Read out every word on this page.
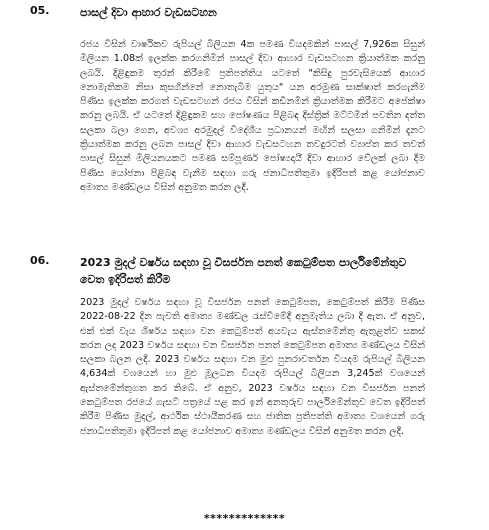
05.	පාසල් දිවා ආහාර වැඩසටහන

රජය විසින් වාර්ෂිකව රුපියල් බිලියන 4ක පමණ වියදමකින් පාසල් 7,926ක සිසුන් මිලියන 1.08ක් ඉලක්ක කරගනිමින් පාසල් දිවා ආහාර වැඩසටහන ක්‍රියාත්මක කරනු ලබයි. දිළිඳුකම තුරන් කිරීමේ ප්‍රතිපත්තිය යටතේ "කිසිදු පුරවැසියෙක් ආහාර නොමැතිකම නිසා කුසගින්නේ නොතැබීම යුතුය" යන අරමුණ සාක්ෂාත් කරගැනීම පිණිස ඉලක්ක කරගත් වැඩසටහන් රජය විසින් කඩිනමින් ක්‍රියාත්මක කිරීමට අපේක්ෂා කරනු ලබයි. ඒ යටතේ දිළිඳුකම සහ පෝෂණය පිළිබඳ දිස්ත්‍රික් මට්ටමින් පවතින දත්ත සලකා බලා ගෙන, අවශ්‍ය අරමුදල් විදේශීය ප්‍රධානයන් මඟින් සලසා ගනිමින් දැනට ක්‍රියාත්මක කරනු ලබන පාසල් දිවා ආහාර වැඩසටහන තවදුරටත් ව්‍යාප්ත කර තවත් පාසල් සිසුන් මිලියනයකට පමණ සම්පූර්ණ පෝෂ්‍යදායී දිවා ආහාර වේලක් ලබා දීම පිණිස යෝජනා පිළිබඳ වැනීම සඳහා ගරු ජනාධිපතිතුමා ඉදිරිපත් කළ යෝජනාව අමාත්‍ය මණ්ඩලය විසින් අනුමත කරන ලදී.

06.	2023 මුදල් වර්ෂය සඳහා වූ විසර්ජන පනත් කෙටුම්පත පාර්ලිමේන්තුව වෙත ඉදිරිපත් කිරීම

2023 මුදල් වර්ෂය සඳහා වූ විසර්ජන පනත් කෙටුම්පත, කෙටුම්පත් කිරීම පිණිස 2022-08-22 දින පැවති අමාත්‍ය මණ්ඩල රැස්වීමේදී අනුමැතිය ලබා දී ඇත. ඒ අනුව, එක් එක් වැය ශීර්ෂය සඳහා වන කෙටුම්පත් අයවැය ඇස්තමේන්තු ඇතුළත්ව සකස් කරන ලද 2023 වර්ෂය සඳහා වන විසර්ජන පනත් කෙටුම්පත අමාත්‍ය මණ්ඩලය විසින් සලකා බලන ලදී. 2023 වර්ෂය සඳහා වන මුළු පුනරාවර්තන වියදම රුපියල් බිලියන 4,634ක් වශයෙන් හා මුළු මූලධන වියදම රුපියල් බිලියන 3,245ක් වශයෙන් ඇස්තමේන්තුගත කර තිබේ. ඒ අනුව, 2023 වර්ෂය සඳහා වන විසර්ජන පනත් කෙටුම්පත රජයේ ගැසට් පත්‍රයේ පළ කර ඉන් අනතුරුව පාර්ලිමේන්තුව වෙත ඉදිරිපත් කිරීම පිණිස මුදල්, ආර්ථික ස්ථායීකරණ සහ ජාතික ප්‍රතිපත්ති අමාත්‍ය වශයෙන් ගරු ජනාධිපතිතුමා ඉදිරිපත් කළ යෝජනාව අමාත්‍ය මණ්ඩලය විසින් අනුමත කරන ලදී.

*************
